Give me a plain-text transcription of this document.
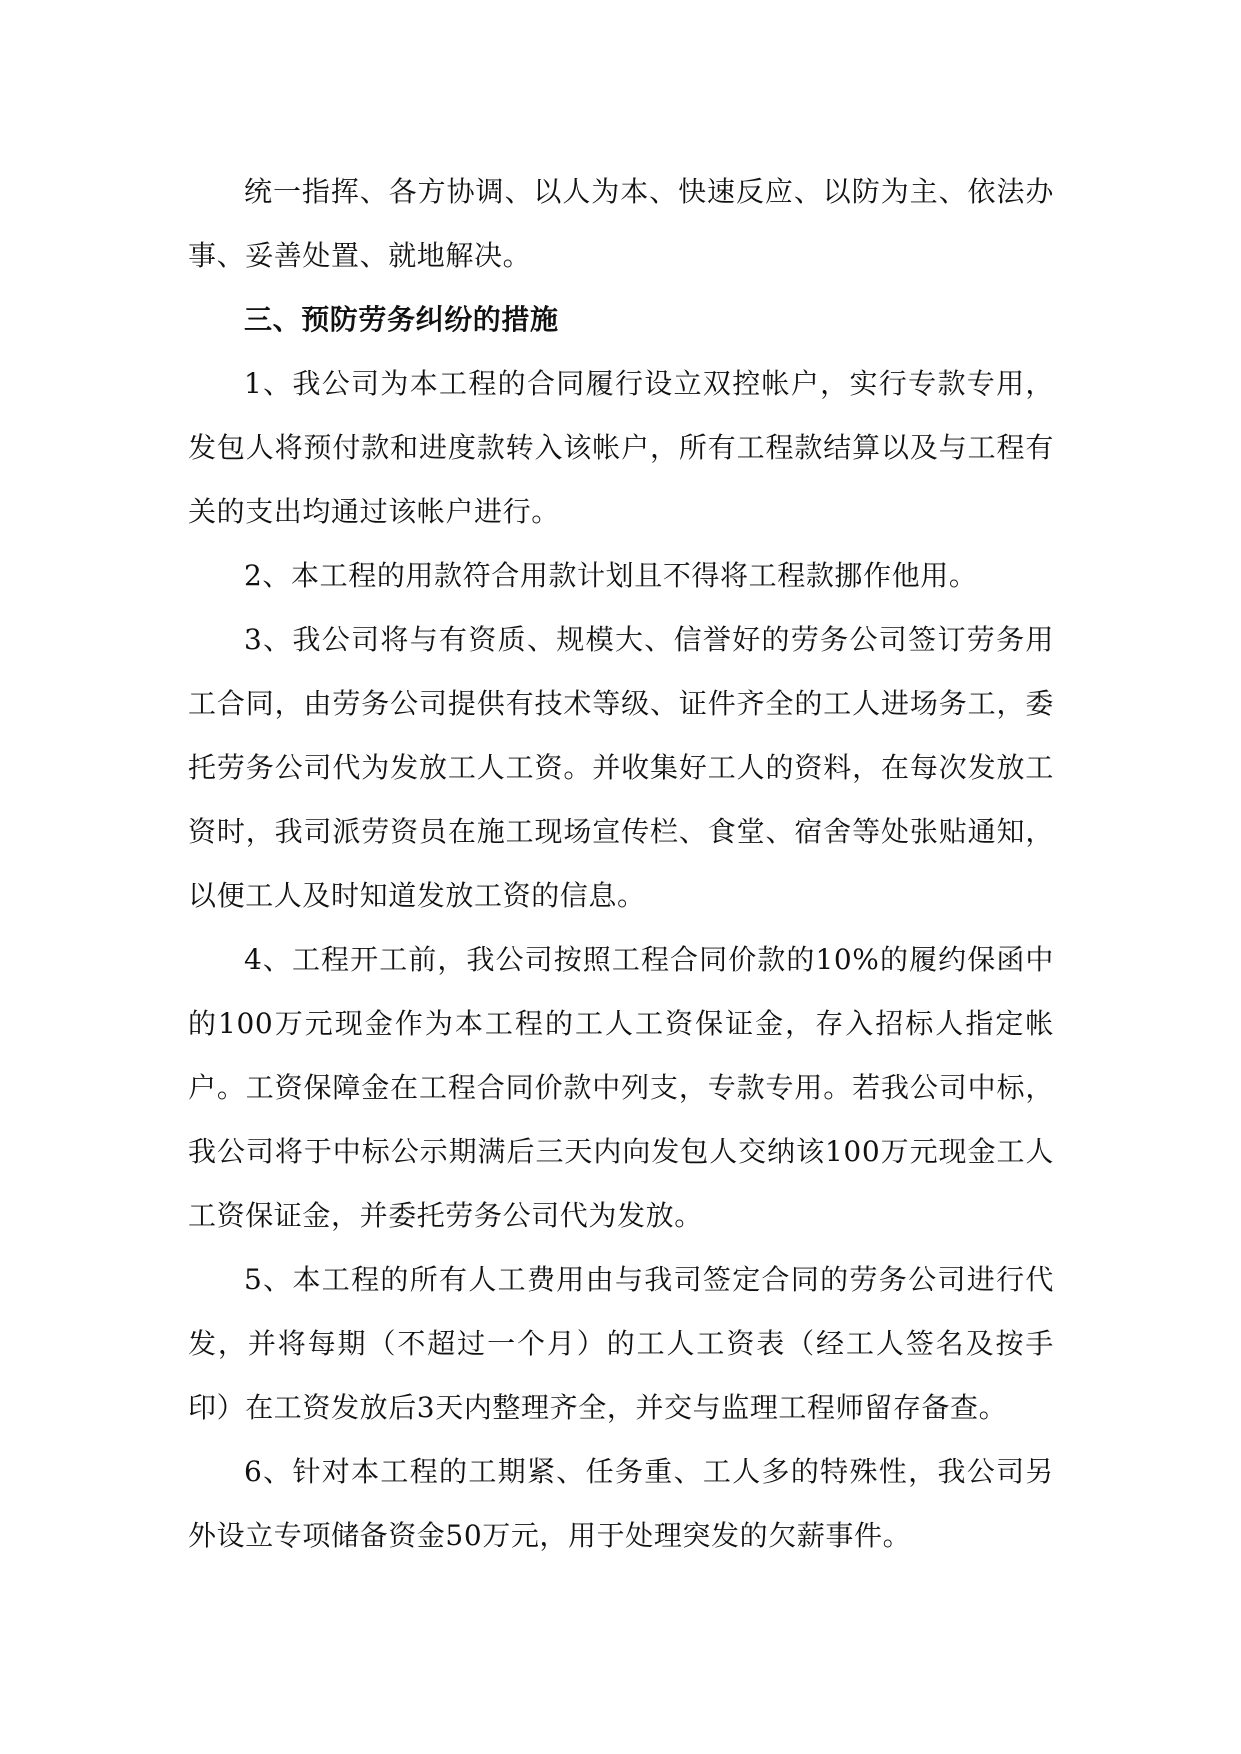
统一指挥、各方协调、以人为本、快速反应、以防为主、依法办事、妥善处置、就地解决。

三、预防劳务纠纷的措施

1、我公司为本工程的合同履行设立双控帐户，实行专款专用，发包人将预付款和进度款转入该帐户，所有工程款结算以及与工程有关的支出均通过该帐户进行。

2、本工程的用款符合用款计划且不得将工程款挪作他用。

3、我公司将与有资质、规模大、信誉好的劳务公司签订劳务用工合同，由劳务公司提供有技术等级、证件齐全的工人进场务工，委托劳务公司代为发放工人工资。并收集好工人的资料，在每次发放工资时，我司派劳资员在施工现场宣传栏、食堂、宿舍等处张贴通知，以便工人及时知道发放工资的信息。

4、工程开工前，我公司按照工程合同价款的10%的履约保函中的100万元现金作为本工程的工人工资保证金，存入招标人指定帐户。工资保障金在工程合同价款中列支，专款专用。若我公司中标，我公司将于中标公示期满后三天内向发包人交纳该100万元现金工人工资保证金，并委托劳务公司代为发放。

5、本工程的所有人工费用由与我司签定合同的劳务公司进行代发，并将每期（不超过一个月）的工人工资表（经工人签名及按手印）在工资发放后3天内整理齐全，并交与监理工程师留存备查。

6、针对本工程的工期紧、任务重、工人多的特殊性，我公司另外设立专项储备资金50万元，用于处理突发的欠薪事件。
